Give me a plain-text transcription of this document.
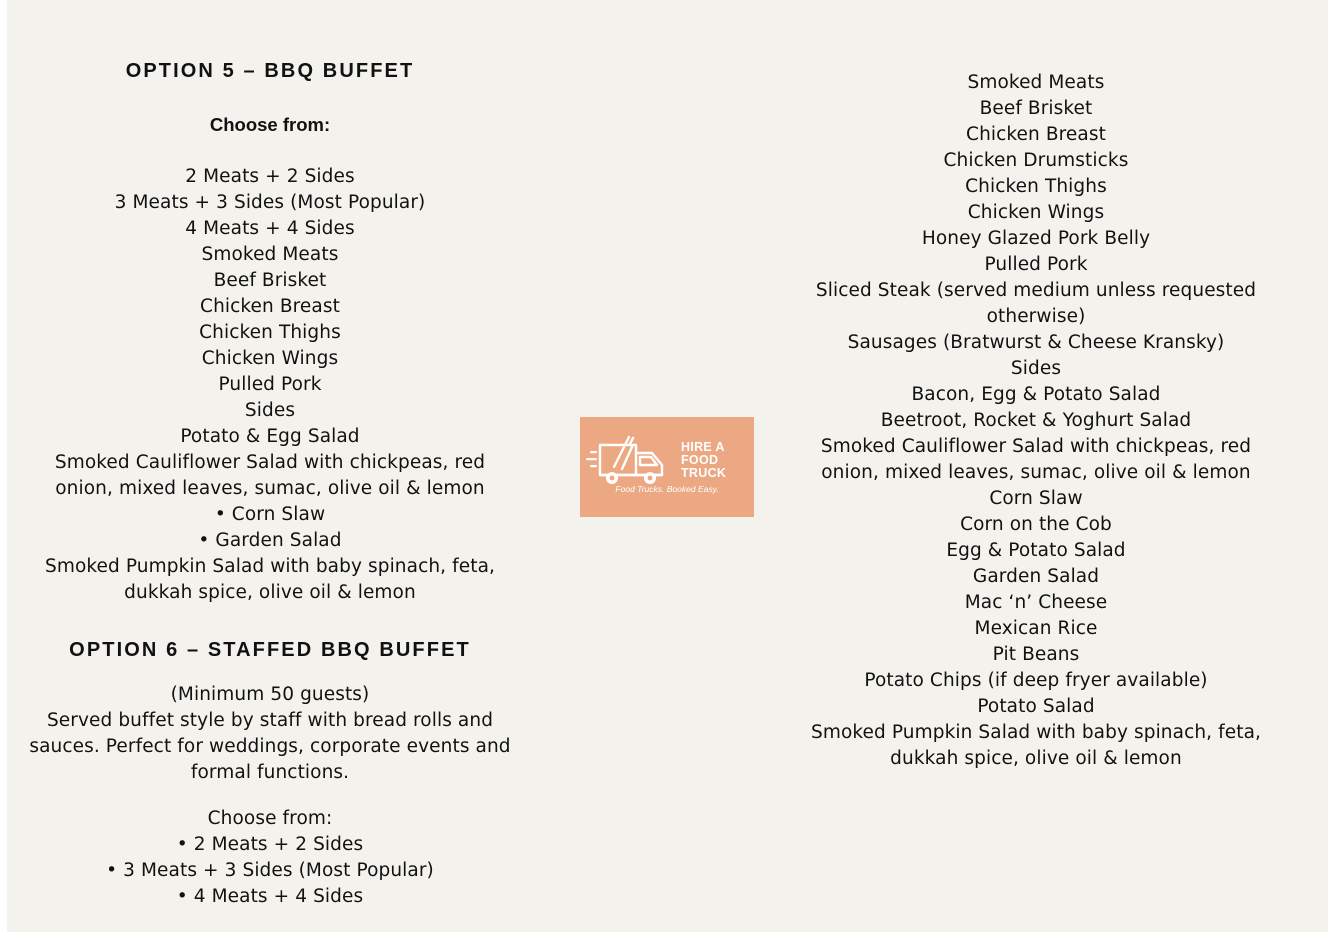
OPTION 5 – BBQ BUFFET
Choose from:
2 Meats + 2 Sides
3 Meats + 3 Sides (Most Popular)
4 Meats + 4 Sides
Smoked Meats
Beef Brisket
Chicken Breast
Chicken Thighs
Chicken Wings
Pulled Pork
Sides
Potato & Egg Salad
Smoked Cauliflower Salad with chickpeas, red
onion, mixed leaves, sumac, olive oil & lemon
• Corn Slaw
• Garden Salad
Smoked Pumpkin Salad with baby spinach, feta,
dukkah spice, olive oil & lemon
OPTION 6 – STAFFED BBQ BUFFET
(Minimum 50 guests)
Served buffet style by staff with bread rolls and
sauces. Perfect for weddings, corporate events and
formal functions.
Choose from:
• 2 Meats + 2 Sides
• 3 Meats + 3 Sides (Most Popular)
• 4 Meats + 4 Sides
HIRE A
FOOD
TRUCK
Food Trucks. Booked Easy.
Smoked Meats
Beef Brisket
Chicken Breast
Chicken Drumsticks
Chicken Thighs
Chicken Wings
Honey Glazed Pork Belly
Pulled Pork
Sliced Steak (served medium unless requested
otherwise)
Sausages (Bratwurst & Cheese Kransky)
Sides
Bacon, Egg & Potato Salad
Beetroot, Rocket & Yoghurt Salad
Smoked Cauliflower Salad with chickpeas, red
onion, mixed leaves, sumac, olive oil & lemon
Corn Slaw
Corn on the Cob
Egg & Potato Salad
Garden Salad
Mac ‘n’ Cheese
Mexican Rice
Pit Beans
Potato Chips (if deep fryer available)
Potato Salad
Smoked Pumpkin Salad with baby spinach, feta,
dukkah spice, olive oil & lemon
